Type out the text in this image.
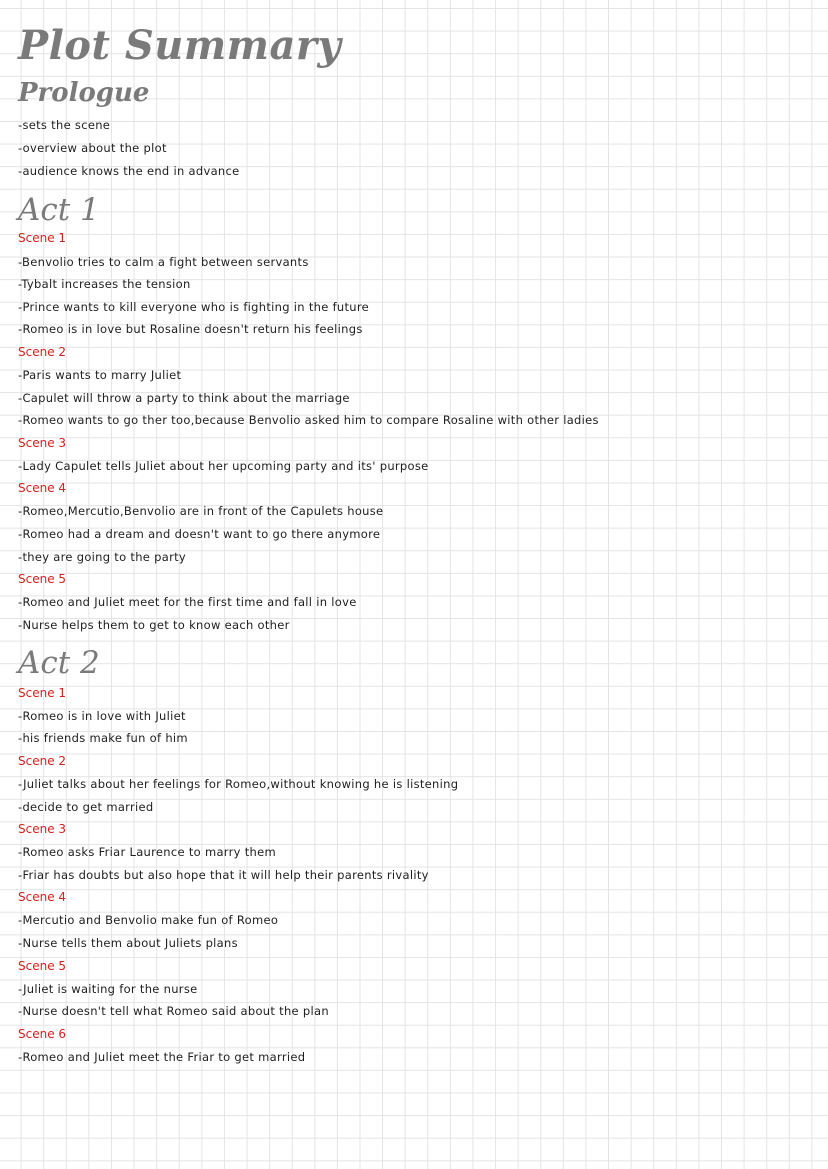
Plot Summary
Prologue
-sets the scene
-overview about the plot
-audience knows the end in advance
Act 1
Scene 1
-Benvolio tries to calm a fight between servants
-Tybalt increases the tension
-Prince wants to kill everyone who is fighting in the future
-Romeo is in love but Rosaline doesn't return his feelings
Scene 2
-Paris wants to marry Juliet
-Capulet will throw a party to think about the marriage
-Romeo wants to go ther too,because Benvolio asked him to compare Rosaline with other ladies
Scene 3
-Lady Capulet tells Juliet about her upcoming party and its' purpose
Scene 4
-Romeo,Mercutio,Benvolio are in front of the Capulets house
-Romeo had a dream and doesn't want to go there anymore
-they are going to the party
Scene 5
-Romeo and Juliet meet for the first time and fall in love
-Nurse helps them to get to know each other
Act 2
Scene 1
-Romeo is in love with Juliet
-his friends make fun of him
Scene 2
-Juliet talks about her feelings for Romeo,without knowing he is listening
-decide to get married
Scene 3
-Romeo asks Friar Laurence to marry them
-Friar has doubts but also hope that it will help their parents rivality
Scene 4
-Mercutio and Benvolio make fun of Romeo
-Nurse tells them about Juliets plans
Scene 5
-Juliet is waiting for the nurse
-Nurse doesn't tell what Romeo said about the plan
Scene 6
-Romeo and Juliet meet the Friar to get married
